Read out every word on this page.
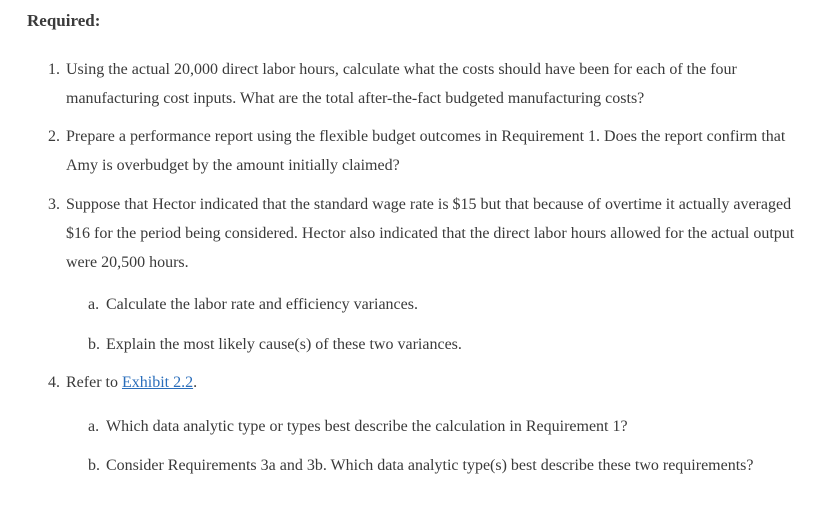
Required:
1. Using the actual 20,000 direct labor hours, calculate what the costs should have been for each of the four manufacturing cost inputs. What are the total after-the-fact budgeted manufacturing costs?
2. Prepare a performance report using the flexible budget outcomes in Requirement 1. Does the report confirm that Amy is overbudget by the amount initially claimed?
3. Suppose that Hector indicated that the standard wage rate is $15 but that because of overtime it actually averaged $16 for the period being considered. Hector also indicated that the direct labor hours allowed for the actual output were 20,500 hours.
a. Calculate the labor rate and efficiency variances.
b. Explain the most likely cause(s) of these two variances.
4. Refer to Exhibit 2.2.
a. Which data analytic type or types best describe the calculation in Requirement 1?
b. Consider Requirements 3a and 3b. Which data analytic type(s) best describe these two requirements?
